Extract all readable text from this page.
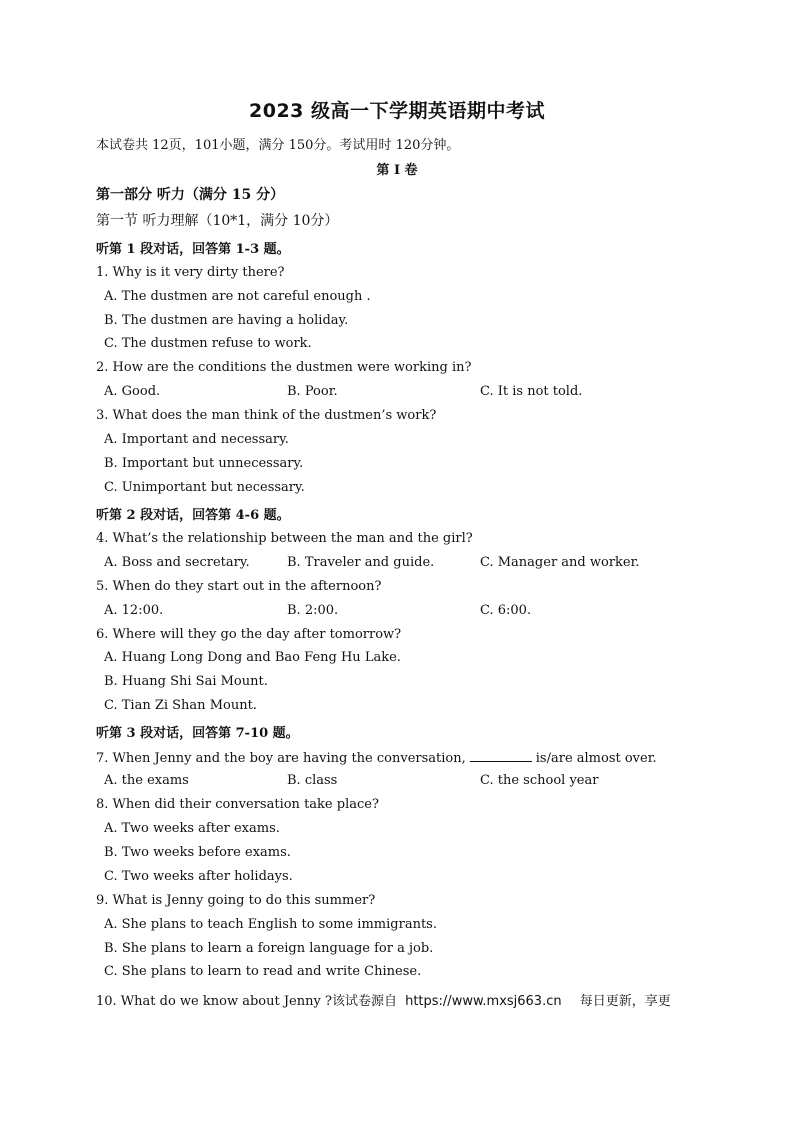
2023 级高一下学期英语期中考试
本试卷共 12页，101小题，满分 150分。考试用时 120分钟。
第 I 卷
第一部分 听力（满分 15 分）
第一节 听力理解（10*1，满分 10分）
听第 1 段对话，回答第 1-3 题。
1. Why is it very dirty there?
A. The dustmen are not careful enough .
B. The dustmen are having a holiday.
C. The dustmen refuse to work.
2. How are the conditions the dustmen were working in?
A. Good.	B. Poor.	C. It is not told.
3. What does the man think of the dustmen’s work?
A. Important and necessary.
B. Important but unnecessary.
C. Unimportant but necessary.
听第 2 段对话，回答第 4-6 题。
4. What’s the relationship between the man and the girl?
A. Boss and secretary.	B. Traveler and guide.	C. Manager and worker.
5. When do they start out in the afternoon?
A. 12:00.	B. 2:00.	C. 6:00.
6. Where will they go the day after tomorrow?
A. Huang Long Dong and Bao Feng Hu Lake.
B. Huang Shi Sai Mount.
C. Tian Zi Shan Mount.
听第 3 段对话，回答第 7-10 题。
7. When Jenny and the boy are having the conversation,	is/are almost over.
A. the exams	B. class	C. the school year
8. When did their conversation take place?
A. Two weeks after exams.
B. Two weeks before exams.
C. Two weeks after holidays.
9. What is Jenny going to do this summer?
A. She plans to teach English to some immigrants.
B. She plans to learn a foreign language for a job.
C. She plans to learn to read and write Chinese.
10. What do we know about Jenny ?该试卷源自 https://www.mxsj663.cn 每日更新，享更
